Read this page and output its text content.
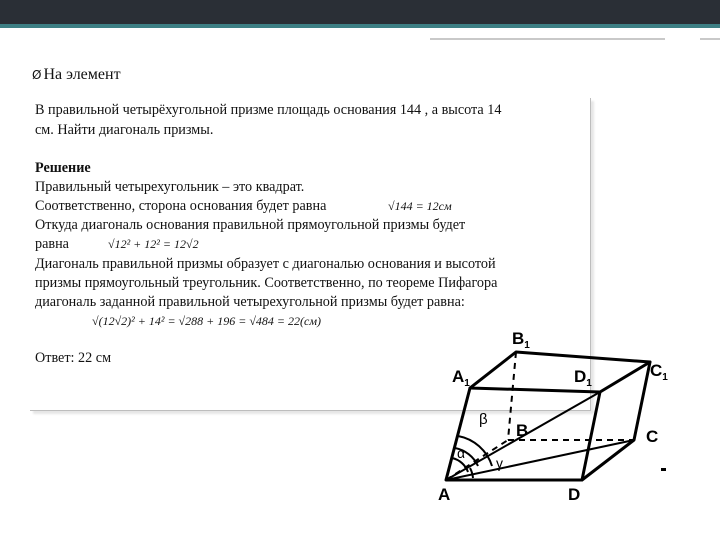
Ø На элемент
В правильной четырёхугольной призме площадь основания 144 , а высота 14
см. Найти диагональ призмы.
Решение
Правильный четырехугольник – это квадрат.
Соответственно, сторона основания будет равна	√144 = 12см
Откуда диагональ основания правильной прямоугольной призмы будет
равна	√12² + 12² = 12√2
Диагональ правильной призмы образует с диагональю основания и высотой
призмы прямоугольный треугольник. Соответственно, по теореме Пифагора
диагональ заданной правильной четырехугольной призмы будет равна:
√(12√2)² + 14² = √288 + 196 = √484 = 22(см)
Ответ: 22 см
$B_1$
$A_1$	$D_1$
$C_1$
B	C
A	D
β
α
γ
